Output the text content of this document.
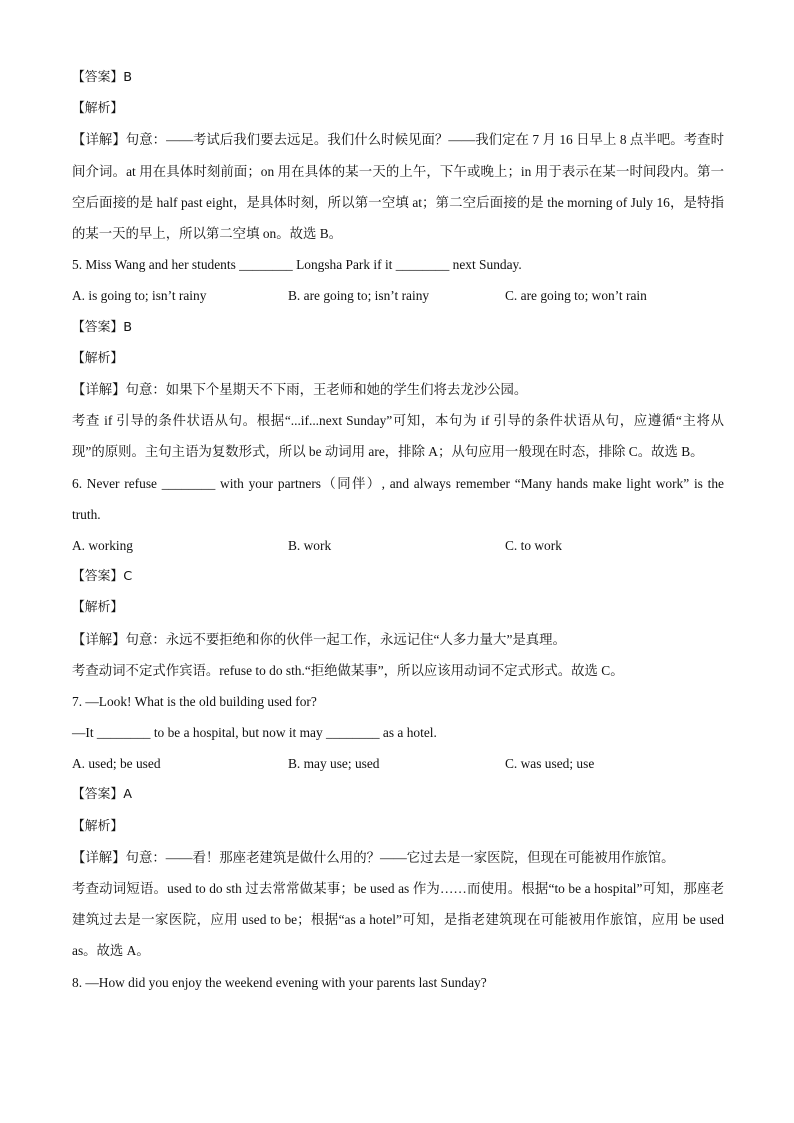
【答案】B
【解析】
【详解】句意：——考试后我们要去远足。我们什么时候见面？——我们定在 7 月 16 日早上 8 点半吧。考查时间介词。at 用在具体时刻前面；on 用在具体的某一天的上午，下午或晚上；in 用于表示在某一时间段内。第一空后面接的是 half past eight，是具体时刻，所以第一空填 at；第二空后面接的是 the morning of July 16，是特指的某一天的早上，所以第二空填 on。故选 B。
5. Miss Wang and her students ________ Longsha Park if it ________ next Sunday.
A. is going to; isn’t rainy	B. are going to; isn’t rainy	C. are going to; won’t rain
【答案】B
【解析】
【详解】句意：如果下个星期天不下雨，王老师和她的学生们将去龙沙公园。
考查 if 引导的条件状语从句。根据“...if...next Sunday”可知，本句为 if 引导的条件状语从句，应遵循“主将从现”的原则。主句主语为复数形式，所以 be 动词用 are，排除 A；从句应用一般现在时态，排除 C。故选 B。
6. Never refuse ________ with your partners（同伴）, and always remember “Many hands make light work” is the truth.
A. working	B. work	C. to work
【答案】C
【解析】
【详解】句意：永远不要拒绝和你的伙伴一起工作，永远记住“人多力量大”是真理。
考查动词不定式作宾语。refuse to do sth.“拒绝做某事”，所以应该用动词不定式形式。故选 C。
7. —Look! What is the old building used for?
—It ________ to be a hospital, but now it may ________ as a hotel.
A. used; be used	B. may use; used	C. was used; use
【答案】A
【解析】
【详解】句意：——看！那座老建筑是做什么用的？——它过去是一家医院，但现在可能被用作旅馆。
考查动词短语。used to do sth 过去常常做某事；be used as 作为……而使用。根据“to be a hospital”可知，那座老建筑过去是一家医院，应用 used to be；根据“as a hotel”可知，是指老建筑现在可能被用作旅馆，应用 be used as。故选 A。
8. —How did you enjoy the weekend evening with your parents last Sunday?
